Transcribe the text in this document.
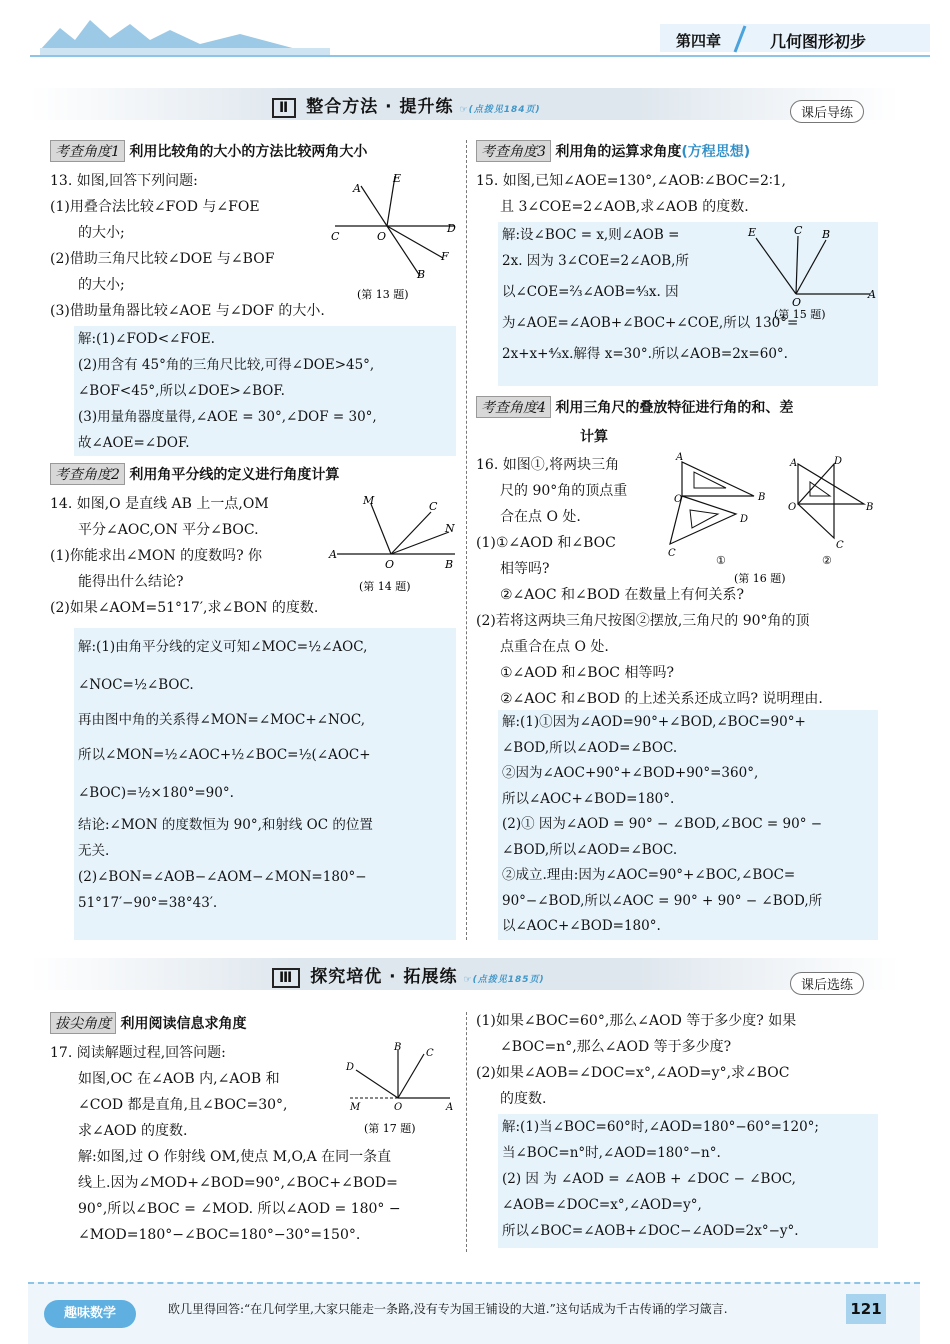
第四章	几何图形初步
Ⅱ 整合方法 · 提升练 ☞(点拨见184页)	课后导练
考查角度1 利用比较角的大小的方法比较两角大小
13. 如图,回答下列问题:
(1)用叠合法比较∠FOD 与∠FOE
的大小;
(2)借助三角尺比较∠DOE 与∠BOF
的大小;
(3)借助量角器比较∠AOE 与∠DOF 的大小.
A
E
C	O
D
F
B
(第 13 题)
解:(1)∠FOD<∠FOE.
(2)用含有 45°角的三角尺比较,可得∠DOE>45°,
∠BOF<45°,所以∠DOE>∠BOF.
(3)用量角器度量得,∠AOE = 30°,∠DOF = 30°,
故∠AOE=∠DOF.
考查角度2 利用角平分线的定义进行角度计算
14. 如图,O 是直线 AB 上一点,OM
平分∠AOC,ON 平分∠BOC.
(1)你能求出∠MON 的度数吗? 你
能得出什么结论?
(2)如果∠AOM=51°17′,求∠BON 的度数.
M	C
N
A
O	B
(第 14 题)
解:(1)由角平分线的定义可知∠MOC=½∠AOC,
∠NOC=½∠BOC.
再由图中角的关系得∠MON=∠MOC+∠NOC,
所以∠MON=½∠AOC+½∠BOC=½(∠AOC+
∠BOC)=½×180°=90°.
结论:∠MON 的度数恒为 90°,和射线 OC 的位置
无关.
(2)∠BON=∠AOB−∠AOM−∠MON=180°−
51°17′−90°=38°43′.
考查角度3 利用角的运算求角度(方程思想)
15. 如图,已知∠AOE=130°,∠AOB∶∠BOC=2∶1,
且 3∠COE=2∠AOB,求∠AOB 的度数.
解:设∠BOC = x,则∠AOB =
2x. 因为 3∠COE=2∠AOB,所
以∠COE=⅔∠AOB=⁴⁄₃x. 因
为∠AOE=∠AOB+∠BOC+∠COE,所以 130°=
2x+x+⁴⁄₃x.解得 x=30°.所以∠AOB=2x=60°.
E	C B
O
A
(第 15 题)
考查角度4 利用三角尺的叠放特征进行角的和、差
计算
16. 如图①,将两块三角
尺的 90°角的顶点重
合在点 O 处.
(1)①∠AOD 和∠BOC
相等吗?
②∠AOC 和∠BOD 在数量上有何关系?
(2)若将这两块三角尺按图②摆放,三角尺的 90°角的顶
点重合在点 O 处.
①∠AOD 和∠BOC 相等吗?
②∠AOC 和∠BOD 的上述关系还成立吗? 说明理由.
A
B
O
D
C
①
A	D
O	B
C
②
(第 16 题)
解:(1)①因为∠AOD=90°+∠BOD,∠BOC=90°+
∠BOD,所以∠AOD=∠BOC.
②因为∠AOC+90°+∠BOD+90°=360°,
所以∠AOC+∠BOD=180°.
(2)① 因为∠AOD = 90° − ∠BOD,∠BOC = 90° −
∠BOD,所以∠AOD=∠BOC.
②成立.理由:因为∠AOC=90°+∠BOC,∠BOC=
90°−∠BOD,所以∠AOC = 90° + 90° − ∠BOD,所
以∠AOC+∠BOD=180°.
Ⅲ 探究培优 · 拓展练 ☞(点拨见185页)	课后选练
拔尖角度 利用阅读信息求角度
17. 阅读解题过程,回答问题:
如图,OC 在∠AOB 内,∠AOB 和
∠COD 都是直角,且∠BOC=30°,
求∠AOD 的度数.
解:如图,过 O 作射线 OM,使点 M,O,A 在同一条直
线上.因为∠MOD+∠BOD=90°,∠BOC+∠BOD=
90°,所以∠BOC = ∠MOD. 所以∠AOD = 180° −
∠MOD=180°−∠BOC=180°−30°=150°.
B
C
D
M	O	A
(第 17 题)
(1)如果∠BOC=60°,那么∠AOD 等于多少度? 如果
∠BOC=n°,那么∠AOD 等于多少度?
(2)如果∠AOB=∠DOC=x°,∠AOD=y°,求∠BOC
的度数.
解:(1)当∠BOC=60°时,∠AOD=180°−60°=120°;
当∠BOC=n°时,∠AOD=180°−n°.
(2) 因 为 ∠AOD = ∠AOB + ∠DOC − ∠BOC,
∠AOB=∠DOC=x°,∠AOD=y°,
所以∠BOC=∠AOB+∠DOC−∠AOD=2x°−y°.
趣味数学	欧几里得回答:“在几何学里,大家只能走一条路,没有专为国王铺设的大道.”这句话成为千古传诵的学习箴言.	121
